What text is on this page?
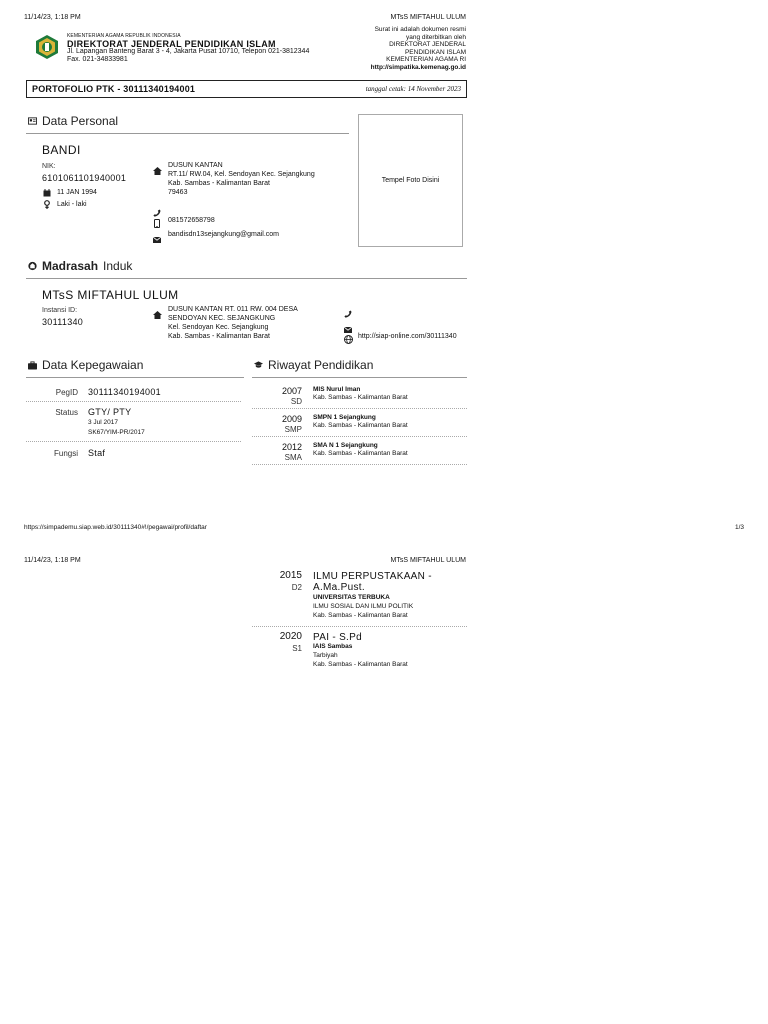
11/14/23, 1:18 PM	MTsS MIFTAHUL ULUM
KEMENTERIAN AGAMA REPUBLIK INDONESIA
DIREKTORAT JENDERAL PENDIDIKAN ISLAM
Jl. Lapangan Banteng Barat 3 - 4, Jakarta Pusat 10710, Telepon 021-3812344
Fax. 021-34833981
Surat ini adalah dokumen resmi
yang diterbitkan oleh
DIREKTORAT JENDERAL
PENDIDIKAN ISLAM
KEMENTERIAN AGAMA RI
http://simpatika.kemenag.go.id
PORTOFOLIO PTK - 30111340194001	tanggal cetak: 14 November 2023
Data Personal
BANDI
NIK:
6101061101940001
11 JAN 1994
Laki - laki
DUSUN KANTAN
RT.11/ RW.04, Kel. Sendoyan Kec. Sejangkung
Kab. Sambas - Kalimantan Barat
79463
081572658798
bandisdn13sejangkung@gmail.com
Tempel Foto Disini
Madrasah Induk
MTsS MIFTAHUL ULUM
Instansi ID:
30111340
DUSUN KANTAN RT. 011 RW. 004 DESA
SENDOYAN KEC. SEJANGKUNG
Kel. Sendoyan Kec. Sejangkung
Kab. Sambas - Kalimantan Barat	http://siap-online.com/30111340
Data Kepegawaian
PegID 30111340194001
Status GTY/ PTY
3 Jul 2017
SK67/YIM-PR/2017
Fungsi Staf
Riwayat Pendidikan
2007
SD
MIS Nurul Iman
Kab. Sambas - Kalimantan Barat
2009
SMP
SMPN 1 Sejangkung
Kab. Sambas - Kalimantan Barat
2012
SMA
SMA N 1 Sejangkung
Kab. Sambas - Kalimantan Barat
https://simpademu.siap.web.id/30111340#!/pegawai/profil/daftar	1/3
11/14/23, 1:18 PM	MTsS MIFTAHUL ULUM
2015
D2
ILMU PERPUSTAKAAN -
A.Ma.Pust.
UNIVERSITAS TERBUKA
ILMU SOSIAL DAN ILMU POLITIK
Kab. Sambas - Kalimantan Barat
2020
S1
PAI - S.Pd
IAIS Sambas
Tarbiyah
Kab. Sambas - Kalimantan Barat
